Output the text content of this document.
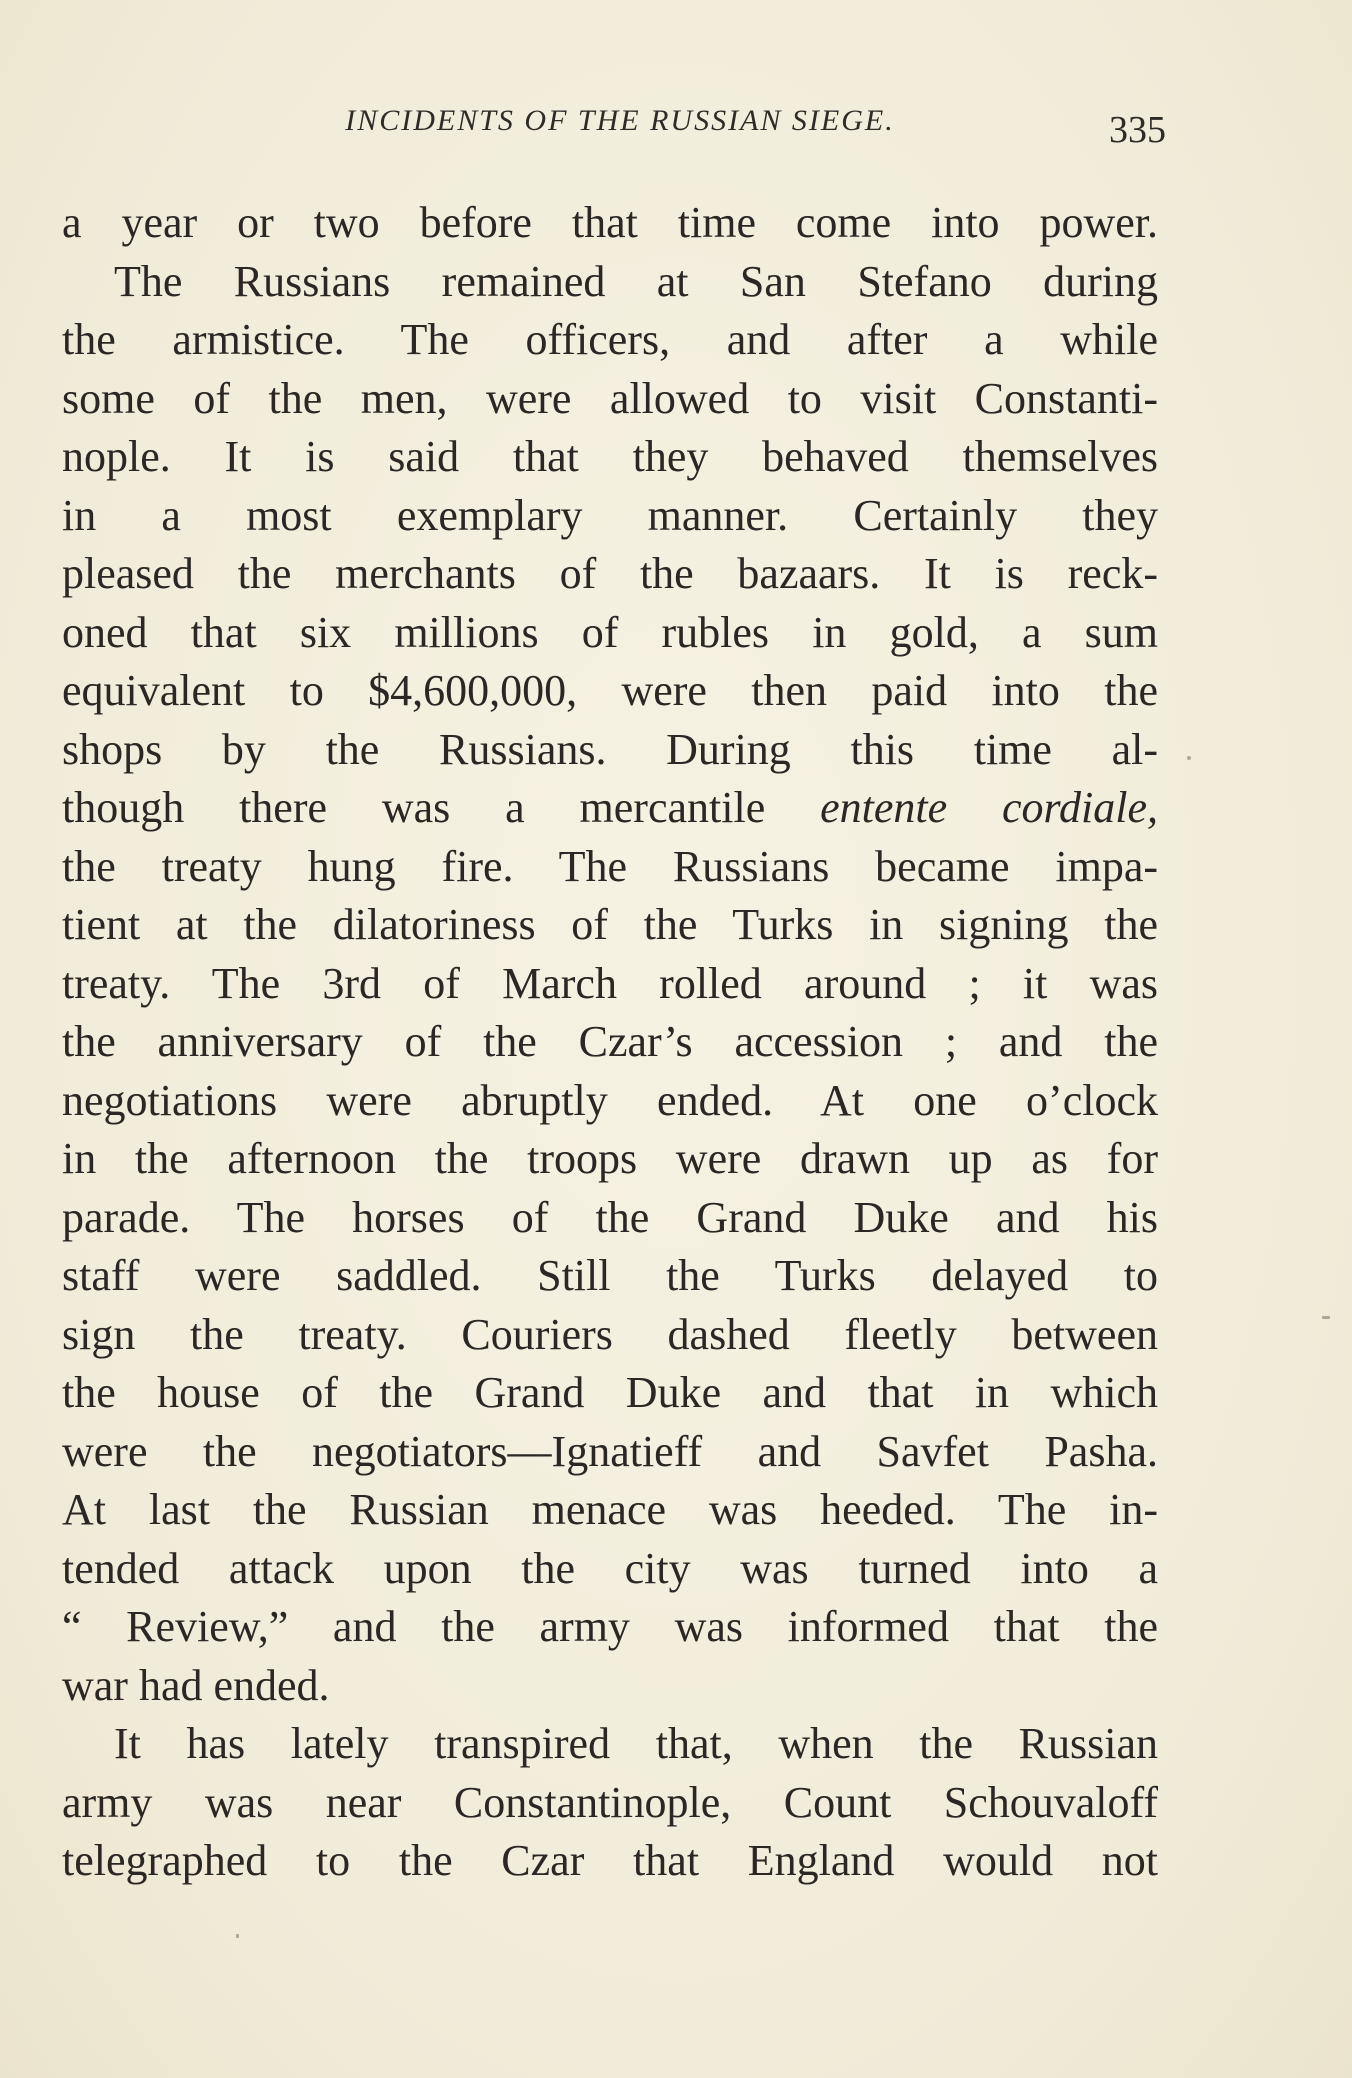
INCIDENTS OF THE RUSSIAN SIEGE.	335
a year or two before that time come into power.
The Russians remained at San Stefano during
the armistice. The officers, and after a while
some of the men, were allowed to visit Constanti-
nople. It is said that they behaved themselves
in a most exemplary manner. Certainly they
pleased the merchants of the bazaars. It is reck-
oned that six millions of rubles in gold, a sum
equivalent to $4,600,000, were then paid into the
shops by the Russians. During this time al-
though there was a mercantile entente cordiale,
the treaty hung fire. The Russians became impa-
tient at the dilatoriness of the Turks in signing the
treaty. The 3rd of March rolled around ; it was
the anniversary of the Czar’s accession ; and the
negotiations were abruptly ended. At one o’clock
in the afternoon the troops were drawn up as for
parade. The horses of the Grand Duke and his
staff were saddled. Still the Turks delayed to
sign the treaty. Couriers dashed fleetly between
the house of the Grand Duke and that in which
were the negotiators—Ignatieff and Savfet Pasha.
At last the Russian menace was heeded. The in-
tended attack upon the city was turned into a
“ Review,” and the army was informed that the
war had ended.
It has lately transpired that, when the Russian
army was near Constantinople, Count Schouvaloff
telegraphed to the Czar that England would not
